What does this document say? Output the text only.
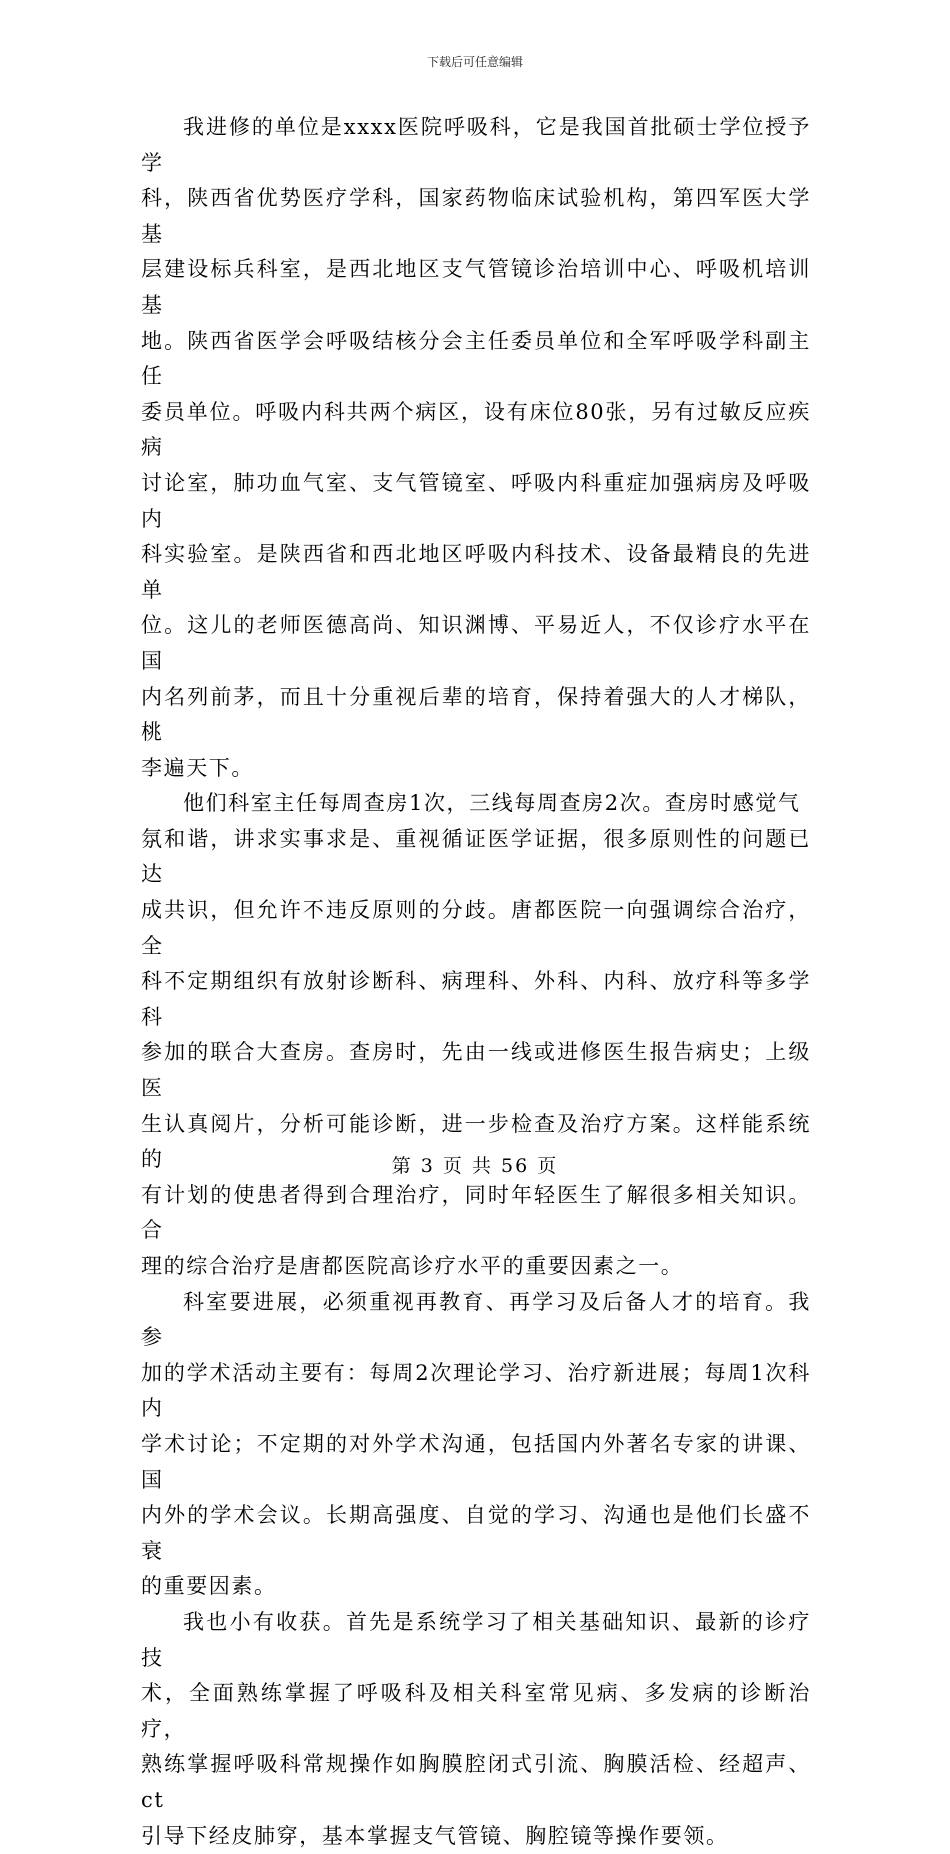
下载后可任意编辑

我进修的单位是xxxx医院呼吸科，它是我国首批硕士学位授予学
科，陕西省优势医疗学科，国家药物临床试验机构，第四军医大学基
层建设标兵科室，是西北地区支气管镜诊治培训中心、呼吸机培训基
地。陕西省医学会呼吸结核分会主任委员单位和全军呼吸学科副主任
委员单位。呼吸内科共两个病区，设有床位80张，另有过敏反应疾病
讨论室，肺功血气室、支气管镜室、呼吸内科重症加强病房及呼吸内
科实验室。是陕西省和西北地区呼吸内科技术、设备最精良的先进单
位。这儿的老师医德高尚、知识渊博、平易近人，不仅诊疗水平在国
内名列前茅，而且十分重视后辈的培育，保持着强大的人才梯队，桃
李遍天下。

他们科室主任每周查房1次，三线每周查房2次。查房时感觉气
氛和谐，讲求实事求是、重视循证医学证据，很多原则性的问题已达
成共识，但允许不违反原则的分歧。唐都医院一向强调综合治疗，全
科不定期组织有放射诊断科、病理科、外科、内科、放疗科等多学科
参加的联合大查房。查房时，先由一线或进修医生报告病史；上级医
生认真阅片，分析可能诊断，进一步检查及治疗方案。这样能系统的
有计划的使患者得到合理治疗，同时年轻医生了解很多相关知识。合
理的综合治疗是唐都医院高诊疗水平的重要因素之一。

科室要进展，必须重视再教育、再学习及后备人才的培育。我参
加的学术活动主要有：每周2次理论学习、治疗新进展；每周1次科内
学术讨论；不定期的对外学术沟通，包括国内外著名专家的讲课、国
内外的学术会议。长期高强度、自觉的学习、沟通也是他们长盛不衰
的重要因素。

我也小有收获。首先是系统学习了相关基础知识、最新的诊疗技
术，全面熟练掌握了呼吸科及相关科室常见病、多发病的诊断治疗，
熟练掌握呼吸科常规操作如胸膜腔闭式引流、胸膜活检、经超声、ct
引导下经皮肺穿，基本掌握支气管镜、胸腔镜等操作要领。

第 3 页 共 56 页
